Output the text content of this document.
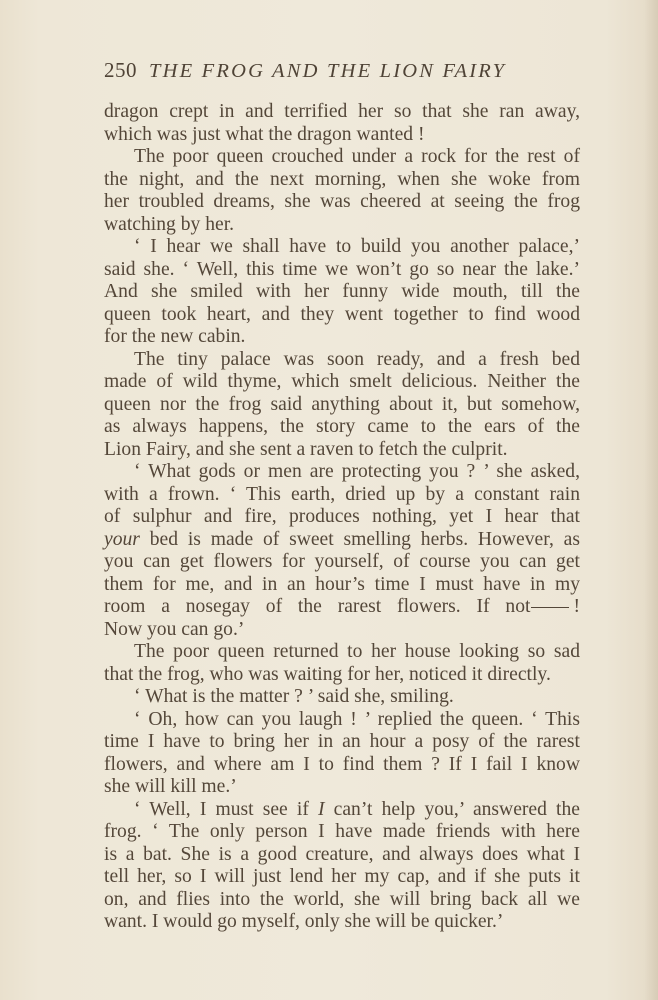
250 THE FROG AND THE LION FAIRY
dragon crept in and terrified her so that she ran away,
which was just what the dragon wanted !
The poor queen crouched under a rock for the rest of
the night, and the next morning, when she woke from
her troubled dreams, she was cheered at seeing the frog
watching by her.
‘ I hear we shall have to build you another palace,’
said she. ‘ Well, this time we won’t go so near the lake.’
And she smiled with her funny wide mouth, till the
queen took heart, and they went together to find wood
for the new cabin.
The tiny palace was soon ready, and a fresh bed
made of wild thyme, which smelt delicious. Neither the
queen nor the frog said anything about it, but somehow,
as always happens, the story came to the ears of the
Lion Fairy, and she sent a raven to fetch the culprit.
‘ What gods or men are protecting you ? ’ she asked,
with a frown. ‘ This earth, dried up by a constant rain
of sulphur and fire, produces nothing, yet I hear that
your bed is made of sweet smelling herbs. However, as
you can get flowers for yourself, of course you can get
them for me, and in an hour’s time I must have in my
room a nosegay of the rarest flowers. If not !
Now you can go.’
The poor queen returned to her house looking so sad
that the frog, who was waiting for her, noticed it directly.
‘ What is the matter ? ’ said she, smiling.
‘ Oh, how can you laugh ! ’ replied the queen. ‘ This
time I have to bring her in an hour a posy of the rarest
flowers, and where am I to find them ? If I fail I know
she will kill me.’
‘ Well, I must see if I can’t help you,’ answered the
frog. ‘ The only person I have made friends with here
is a bat. She is a good creature, and always does what I
tell her, so I will just lend her my cap, and if she puts it
on, and flies into the world, she will bring back all we
want. I would go myself, only she will be quicker.’
